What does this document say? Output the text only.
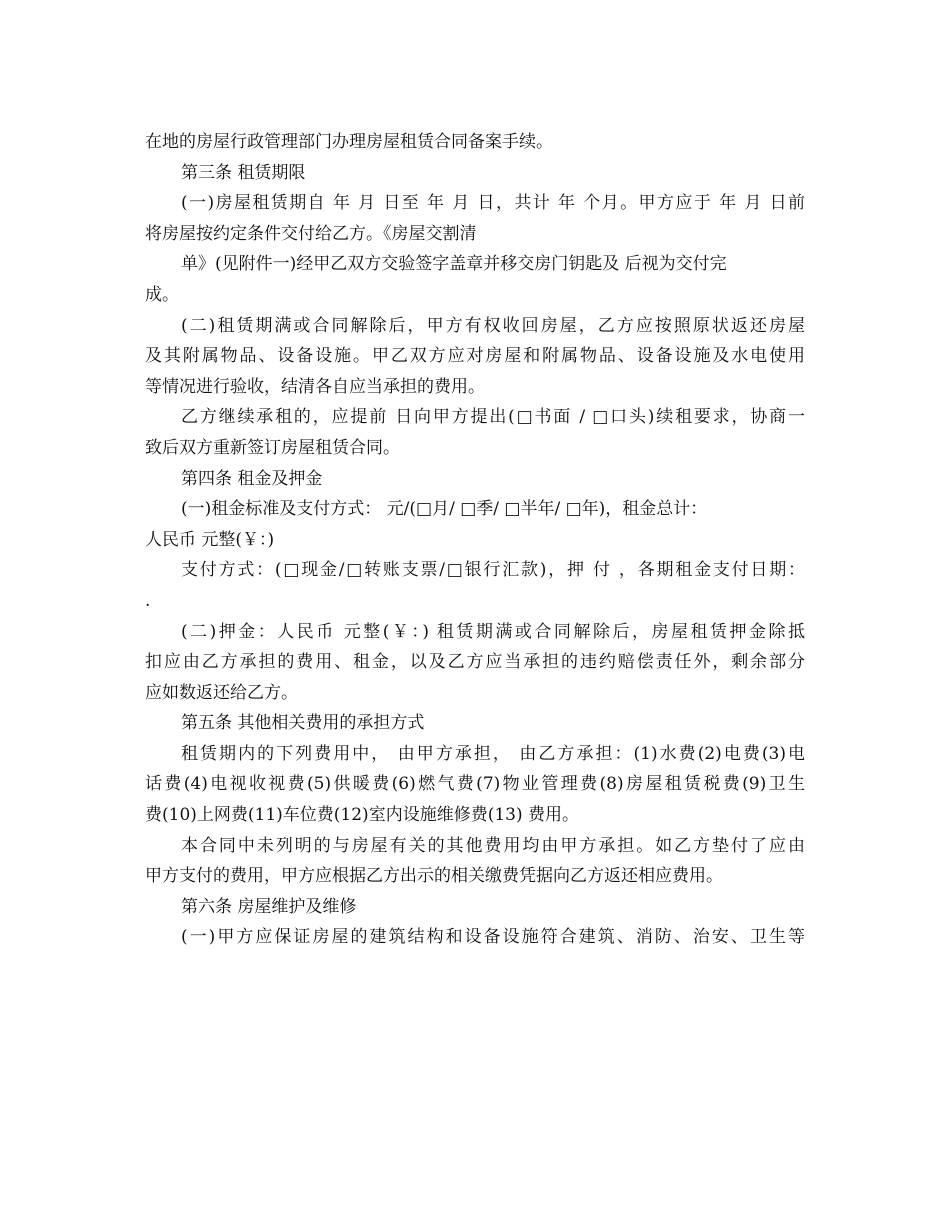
在地的房屋行政管理部门办理房屋租赁合同备案手续。
第三条 租赁期限
(一)房屋租赁期自 年 月 日至 年 月 日，共计 年 个月。甲方应于 年 月 日前
将房屋按约定条件交付给乙方。《房屋交割清
单》(见附件一)经甲乙双方交验签字盖章并移交房门钥匙及 后视为交付完
成。
(二)租赁期满或合同解除后，甲方有权收回房屋，乙方应按照原状返还房屋
及其附属物品、设备设施。甲乙双方应对房屋和附属物品、设备设施及水电使用
等情况进行验收，结清各自应当承担的费用。
乙方继续承租的，应提前 日向甲方提出(□书面 / □口头)续租要求，协商一
致后双方重新签订房屋租赁合同。
第四条 租金及押金
(一)租金标准及支付方式： 元/(□月/ □季/ □半年/ □年)，租金总计：
人民币 元整(￥：)
支付方式：(□现金/□转账支票/□银行汇款)，押 付 ，各期租金支付日期：
.
(二)押金：人民币 元整(￥：) 租赁期满或合同解除后，房屋租赁押金除抵
扣应由乙方承担的费用、租金，以及乙方应当承担的违约赔偿责任外，剩余部分
应如数返还给乙方。
第五条 其他相关费用的承担方式
租赁期内的下列费用中， 由甲方承担， 由乙方承担：(1)水费(2)电费(3)电
话费(4)电视收视费(5)供暖费(6)燃气费(7)物业管理费(8)房屋租赁税费(9)卫生
费(10)上网费(11)车位费(12)室内设施维修费(13) 费用。
本合同中未列明的与房屋有关的其他费用均由甲方承担。如乙方垫付了应由
甲方支付的费用，甲方应根据乙方出示的相关缴费凭据向乙方返还相应费用。
第六条 房屋维护及维修
(一)甲方应保证房屋的建筑结构和设备设施符合建筑、消防、治安、卫生等
